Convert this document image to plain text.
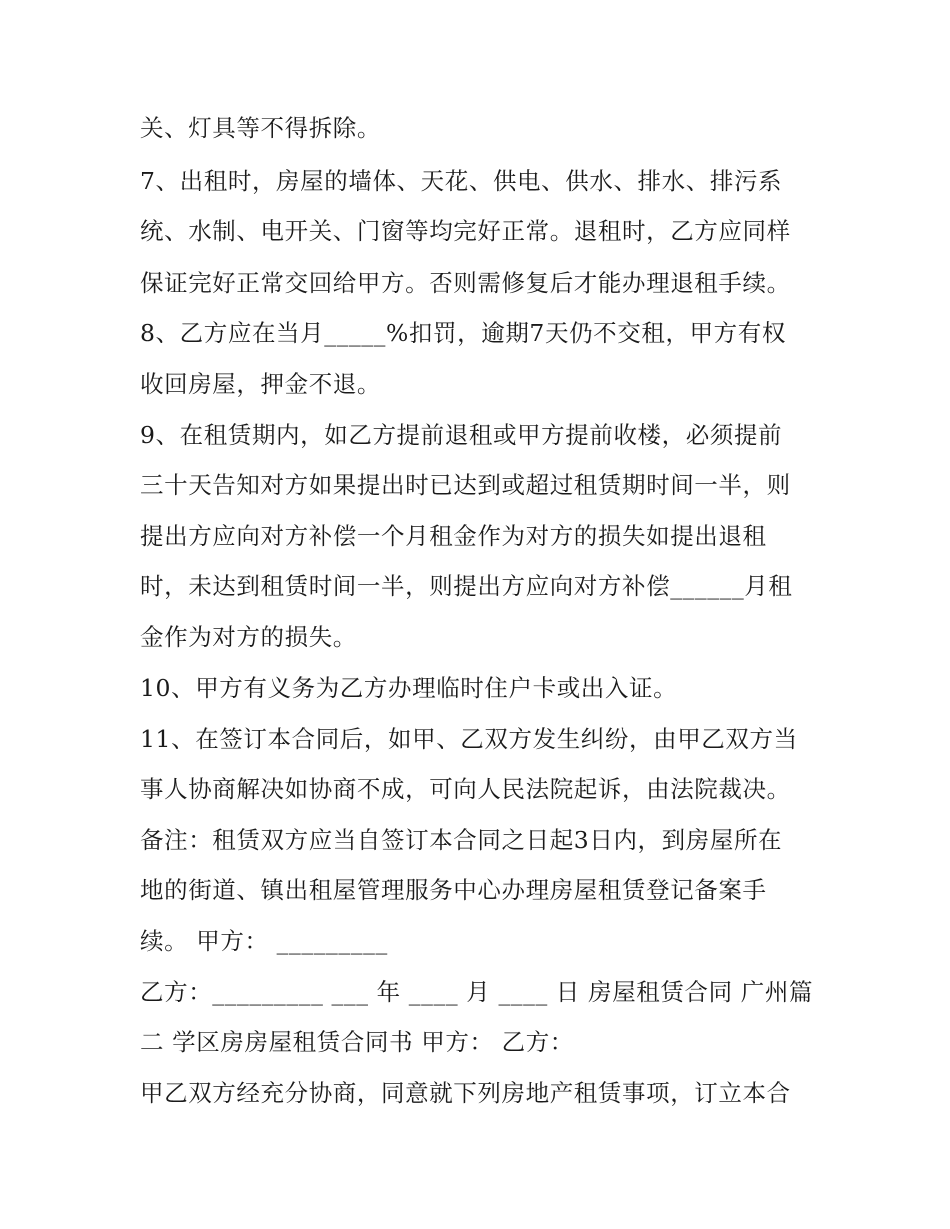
关、灯具等不得拆除。
7、出租时，房屋的墙体、天花、供电、供水、排水、排污系
统、水制、电开关、门窗等均完好正常。退租时，乙方应同样
保证完好正常交回给甲方。否则需修复后才能办理退租手续。
8、乙方应在当月_____%扣罚，逾期7天仍不交租，甲方有权
收回房屋，押金不退。
9、在租赁期内，如乙方提前退租或甲方提前收楼，必须提前
三十天告知对方如果提出时已达到或超过租赁期时间一半，则
提出方应向对方补偿一个月租金作为对方的损失如提出退租
时，未达到租赁时间一半，则提出方应向对方补偿______月租
金作为对方的损失。
10、甲方有义务为乙方办理临时住户卡或出入证。
11、在签订本合同后，如甲、乙双方发生纠纷，由甲乙双方当
事人协商解决如协商不成，可向人民法院起诉，由法院裁决。
备注：租赁双方应当自签订本合同之日起3日内，到房屋所在
地的街道、镇出租屋管理服务中心办理房屋租赁登记备案手
续。 甲方： _________
乙方：_________ ___ 年 ____ 月 ____ 日 房屋租赁合同 广州篇
二 学区房房屋租赁合同书 甲方： 乙方：
甲乙双方经充分协商，同意就下列房地产租赁事项，订立本合
